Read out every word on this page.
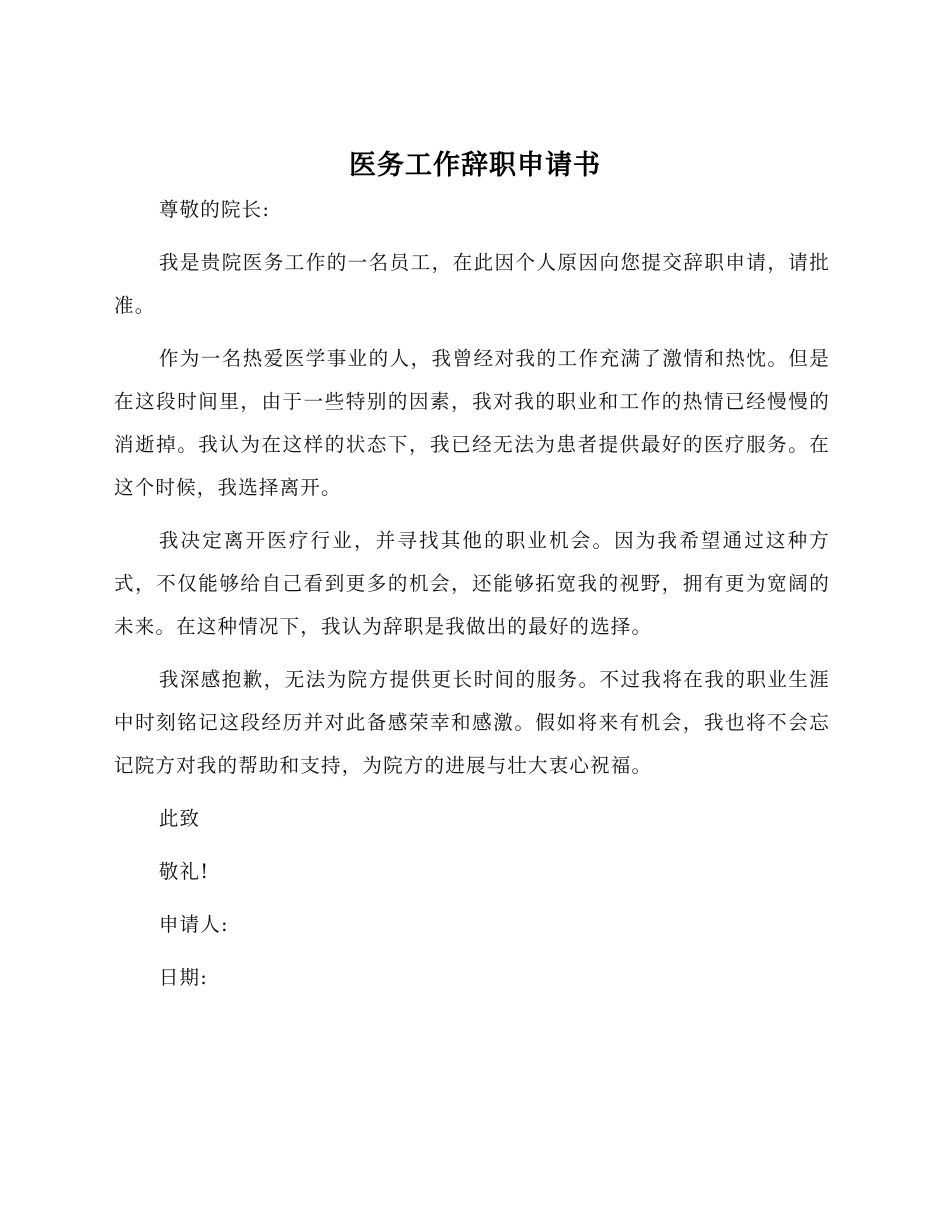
医务工作辞职申请书

尊敬的院长:

我是贵院医务工作的一名员工，在此因个人原因向您提交辞职申请，请批准。

作为一名热爱医学事业的人，我曾经对我的工作充满了激情和热忱。但是在这段时间里，由于一些特别的因素，我对我的职业和工作的热情已经慢慢的消逝掉。我认为在这样的状态下，我已经无法为患者提供最好的医疗服务。在这个时候，我选择离开。

我决定离开医疗行业，并寻找其他的职业机会。因为我希望通过这种方式，不仅能够给自己看到更多的机会，还能够拓宽我的视野，拥有更为宽阔的未来。在这种情况下，我认为辞职是我做出的最好的选择。

我深感抱歉，无法为院方提供更长时间的服务。不过我将在我的职业生涯中时刻铭记这段经历并对此备感荣幸和感激。假如将来有机会，我也将不会忘记院方对我的帮助和支持，为院方的进展与壮大衷心祝福。

此致

敬礼!

申请人:

日期:
